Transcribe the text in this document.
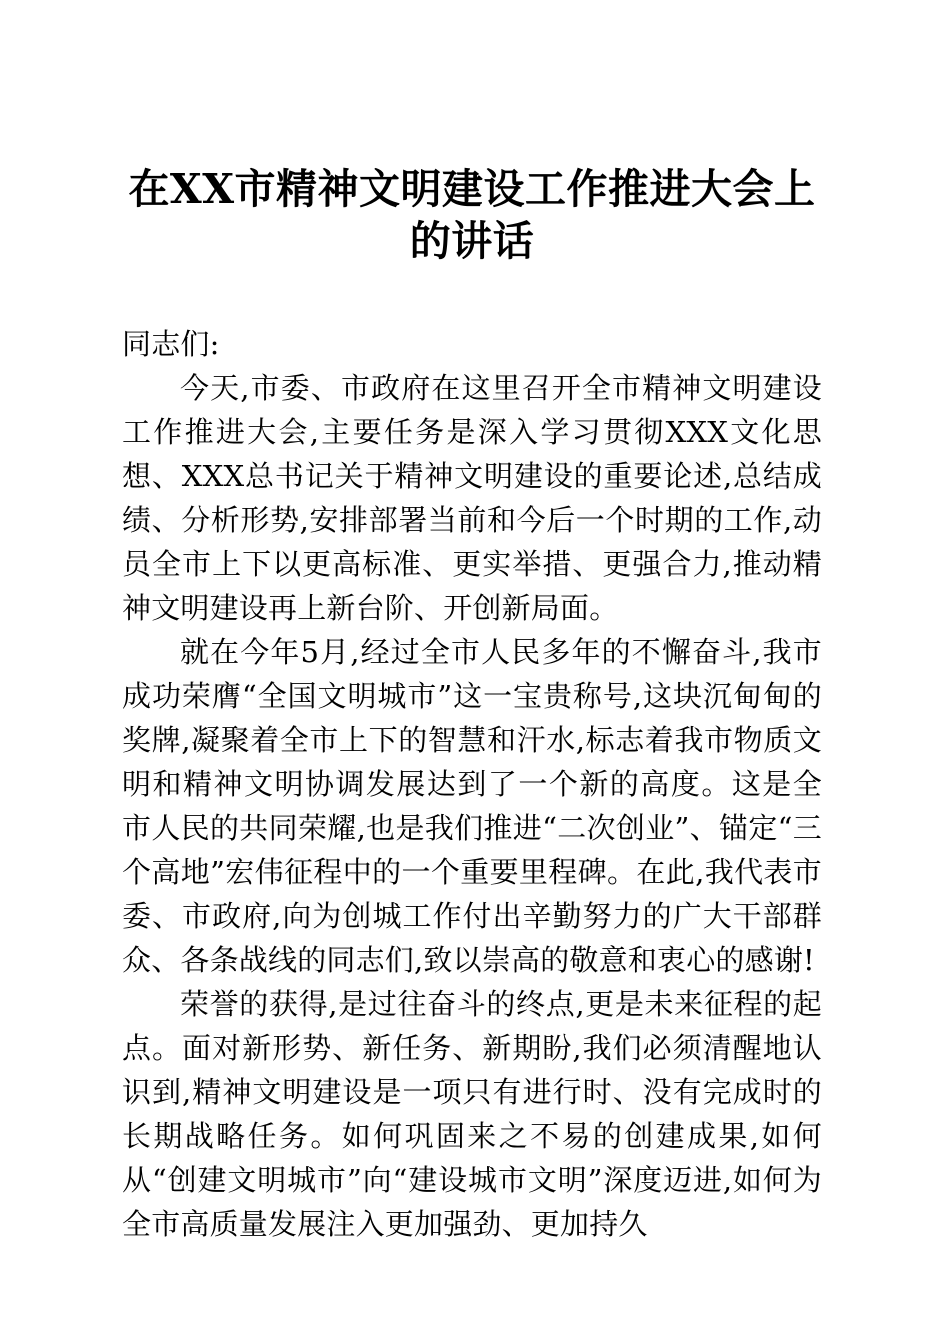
在XX市精神文明建设工作推进大会上的讲话

同志们:

今天,市委、市政府在这里召开全市精神文明建设工作推进大会,主要任务是深入学习贯彻XXX文化思想、XXX总书记关于精神文明建设的重要论述,总结成绩、分析形势,安排部署当前和今后一个时期的工作,动员全市上下以更高标准、更实举措、更强合力,推动精神文明建设再上新台阶、开创新局面。

就在今年5月,经过全市人民多年的不懈奋斗,我市成功荣膺“全国文明城市”这一宝贵称号,这块沉甸甸的奖牌,凝聚着全市上下的智慧和汗水,标志着我市物质文明和精神文明协调发展达到了一个新的高度。这是全市人民的共同荣耀,也是我们推进“二次创业”、锚定“三个高地”宏伟征程中的一个重要里程碑。在此,我代表市委、市政府,向为创城工作付出辛勤努力的广大干部群众、各条战线的同志们,致以崇高的敬意和衷心的感谢!

荣誉的获得,是过往奋斗的终点,更是未来征程的起点。面对新形势、新任务、新期盼,我们必须清醒地认识到,精神文明建设是一项只有进行时、没有完成时的长期战略任务。如何巩固来之不易的创建成果,如何从“创建文明城市”向“建设城市文明”深度迈进,如何为全市高质量发展注入更加强劲、更加持久
